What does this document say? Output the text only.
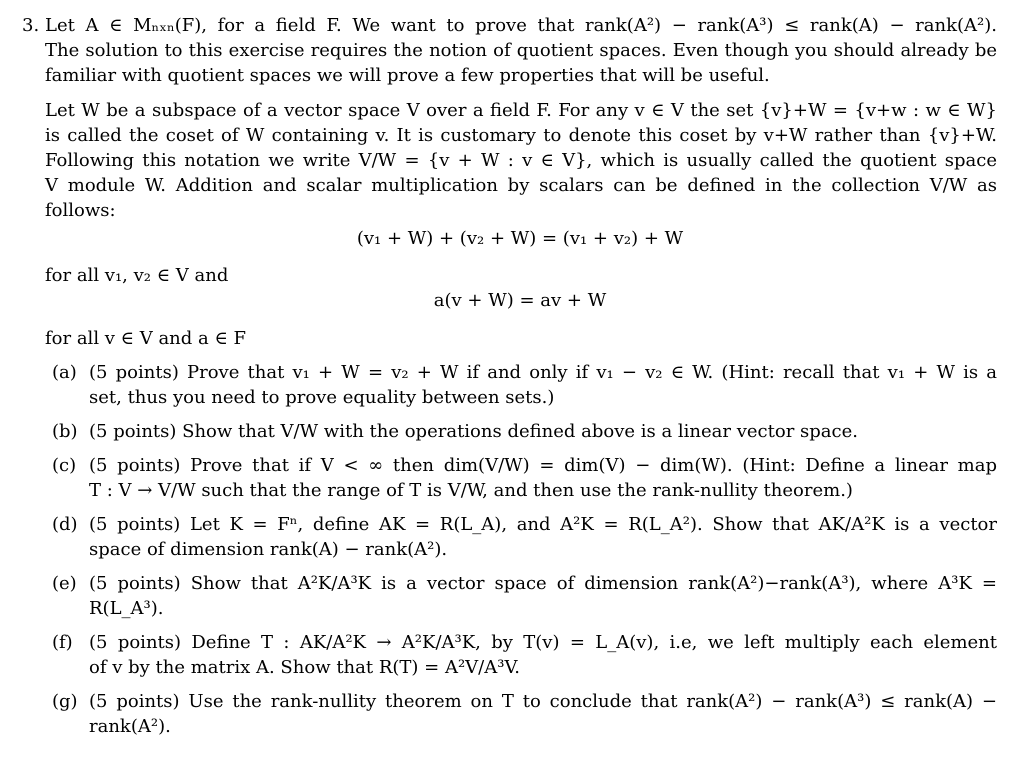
3. Let A ∈ Mₙₓₙ(F), for a field F. We want to prove that rank(A²) − rank(A³) ≤ rank(A) − rank(A²).
The solution to this exercise requires the notion of quotient spaces. Even though you should already be
familiar with quotient spaces we will prove a few properties that will be useful.
Let W be a subspace of a vector space V over a field F. For any v ∈ V the set {v}+W = {v+w : w ∈ W}
is called the coset of W containing v. It is customary to denote this coset by v+W rather than {v}+W.
Following this notation we write V/W = {v + W : v ∈ V}, which is usually called the quotient space
V module W. Addition and scalar multiplication by scalars can be defined in the collection V/W as
follows:
(v₁ + W) + (v₂ + W) = (v₁ + v₂) + W
for all v₁, v₂ ∈ V and
a(v + W) = av + W
for all v ∈ V and a ∈ F
(a) (5 points) Prove that v₁ + W = v₂ + W if and only if v₁ − v₂ ∈ W. (Hint: recall that v₁ + W is a
set, thus you need to prove equality between sets.)
(b) (5 points) Show that V/W with the operations defined above is a linear vector space.
(c) (5 points) Prove that if V < ∞ then dim(V/W) = dim(V) − dim(W). (Hint: Define a linear map
T : V → V/W such that the range of T is V/W, and then use the rank-nullity theorem.)
(d) (5 points) Let K = Fⁿ, define AK = R(L_A), and A²K = R(L_A²). Show that AK/A²K is a vector
space of dimension rank(A) − rank(A²).
(e) (5 points) Show that A²K/A³K is a vector space of dimension rank(A²)−rank(A³), where A³K =
R(L_A³).
(f) (5 points) Define T : AK/A²K → A²K/A³K, by T(v) = L_A(v), i.e, we left multiply each element
of v by the matrix A. Show that R(T) = A²V/A³V.
(g) (5 points) Use the rank-nullity theorem on T to conclude that rank(A²) − rank(A³) ≤ rank(A) −
rank(A²).
